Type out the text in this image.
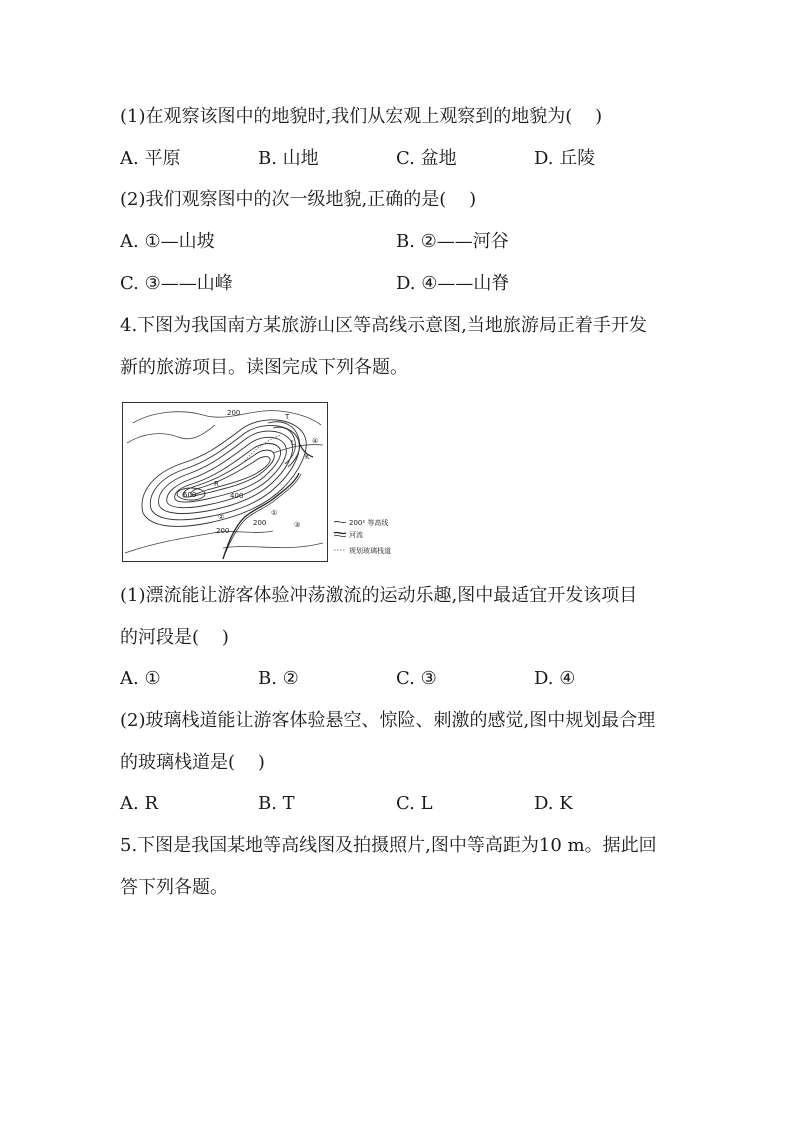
(1)在观察该图中的地貌时,我们从宏观上观察到的地貌为(    )
A. 平原	B. 山地	C. 盆地	D. 丘陵
(2)我们观察图中的次一级地貌,正确的是(    )
A. ①—山坡	B. ②——河谷
C. ③——山峰	D. ④——山脊
4.下图为我国南方某旅游山区等高线示意图,当地旅游局正着手开发
新的旅游项目。读图完成下列各题。
200
200
200
400
600
T
L
K
R
①
②
③
④
200² 等高线
河流
规划玻璃栈道
(1)漂流能让游客体验冲荡激流的运动乐趣,图中最适宜开发该项目
的河段是(    )
A. ①	B. ②	C. ③	D. ④
(2)玻璃栈道能让游客体验悬空、惊险、刺激的感觉,图中规划最合理
的玻璃栈道是(    )
A. R	B. T	C. L	D. K
5.下图是我国某地等高线图及拍摄照片,图中等高距为10 m。据此回
答下列各题。
